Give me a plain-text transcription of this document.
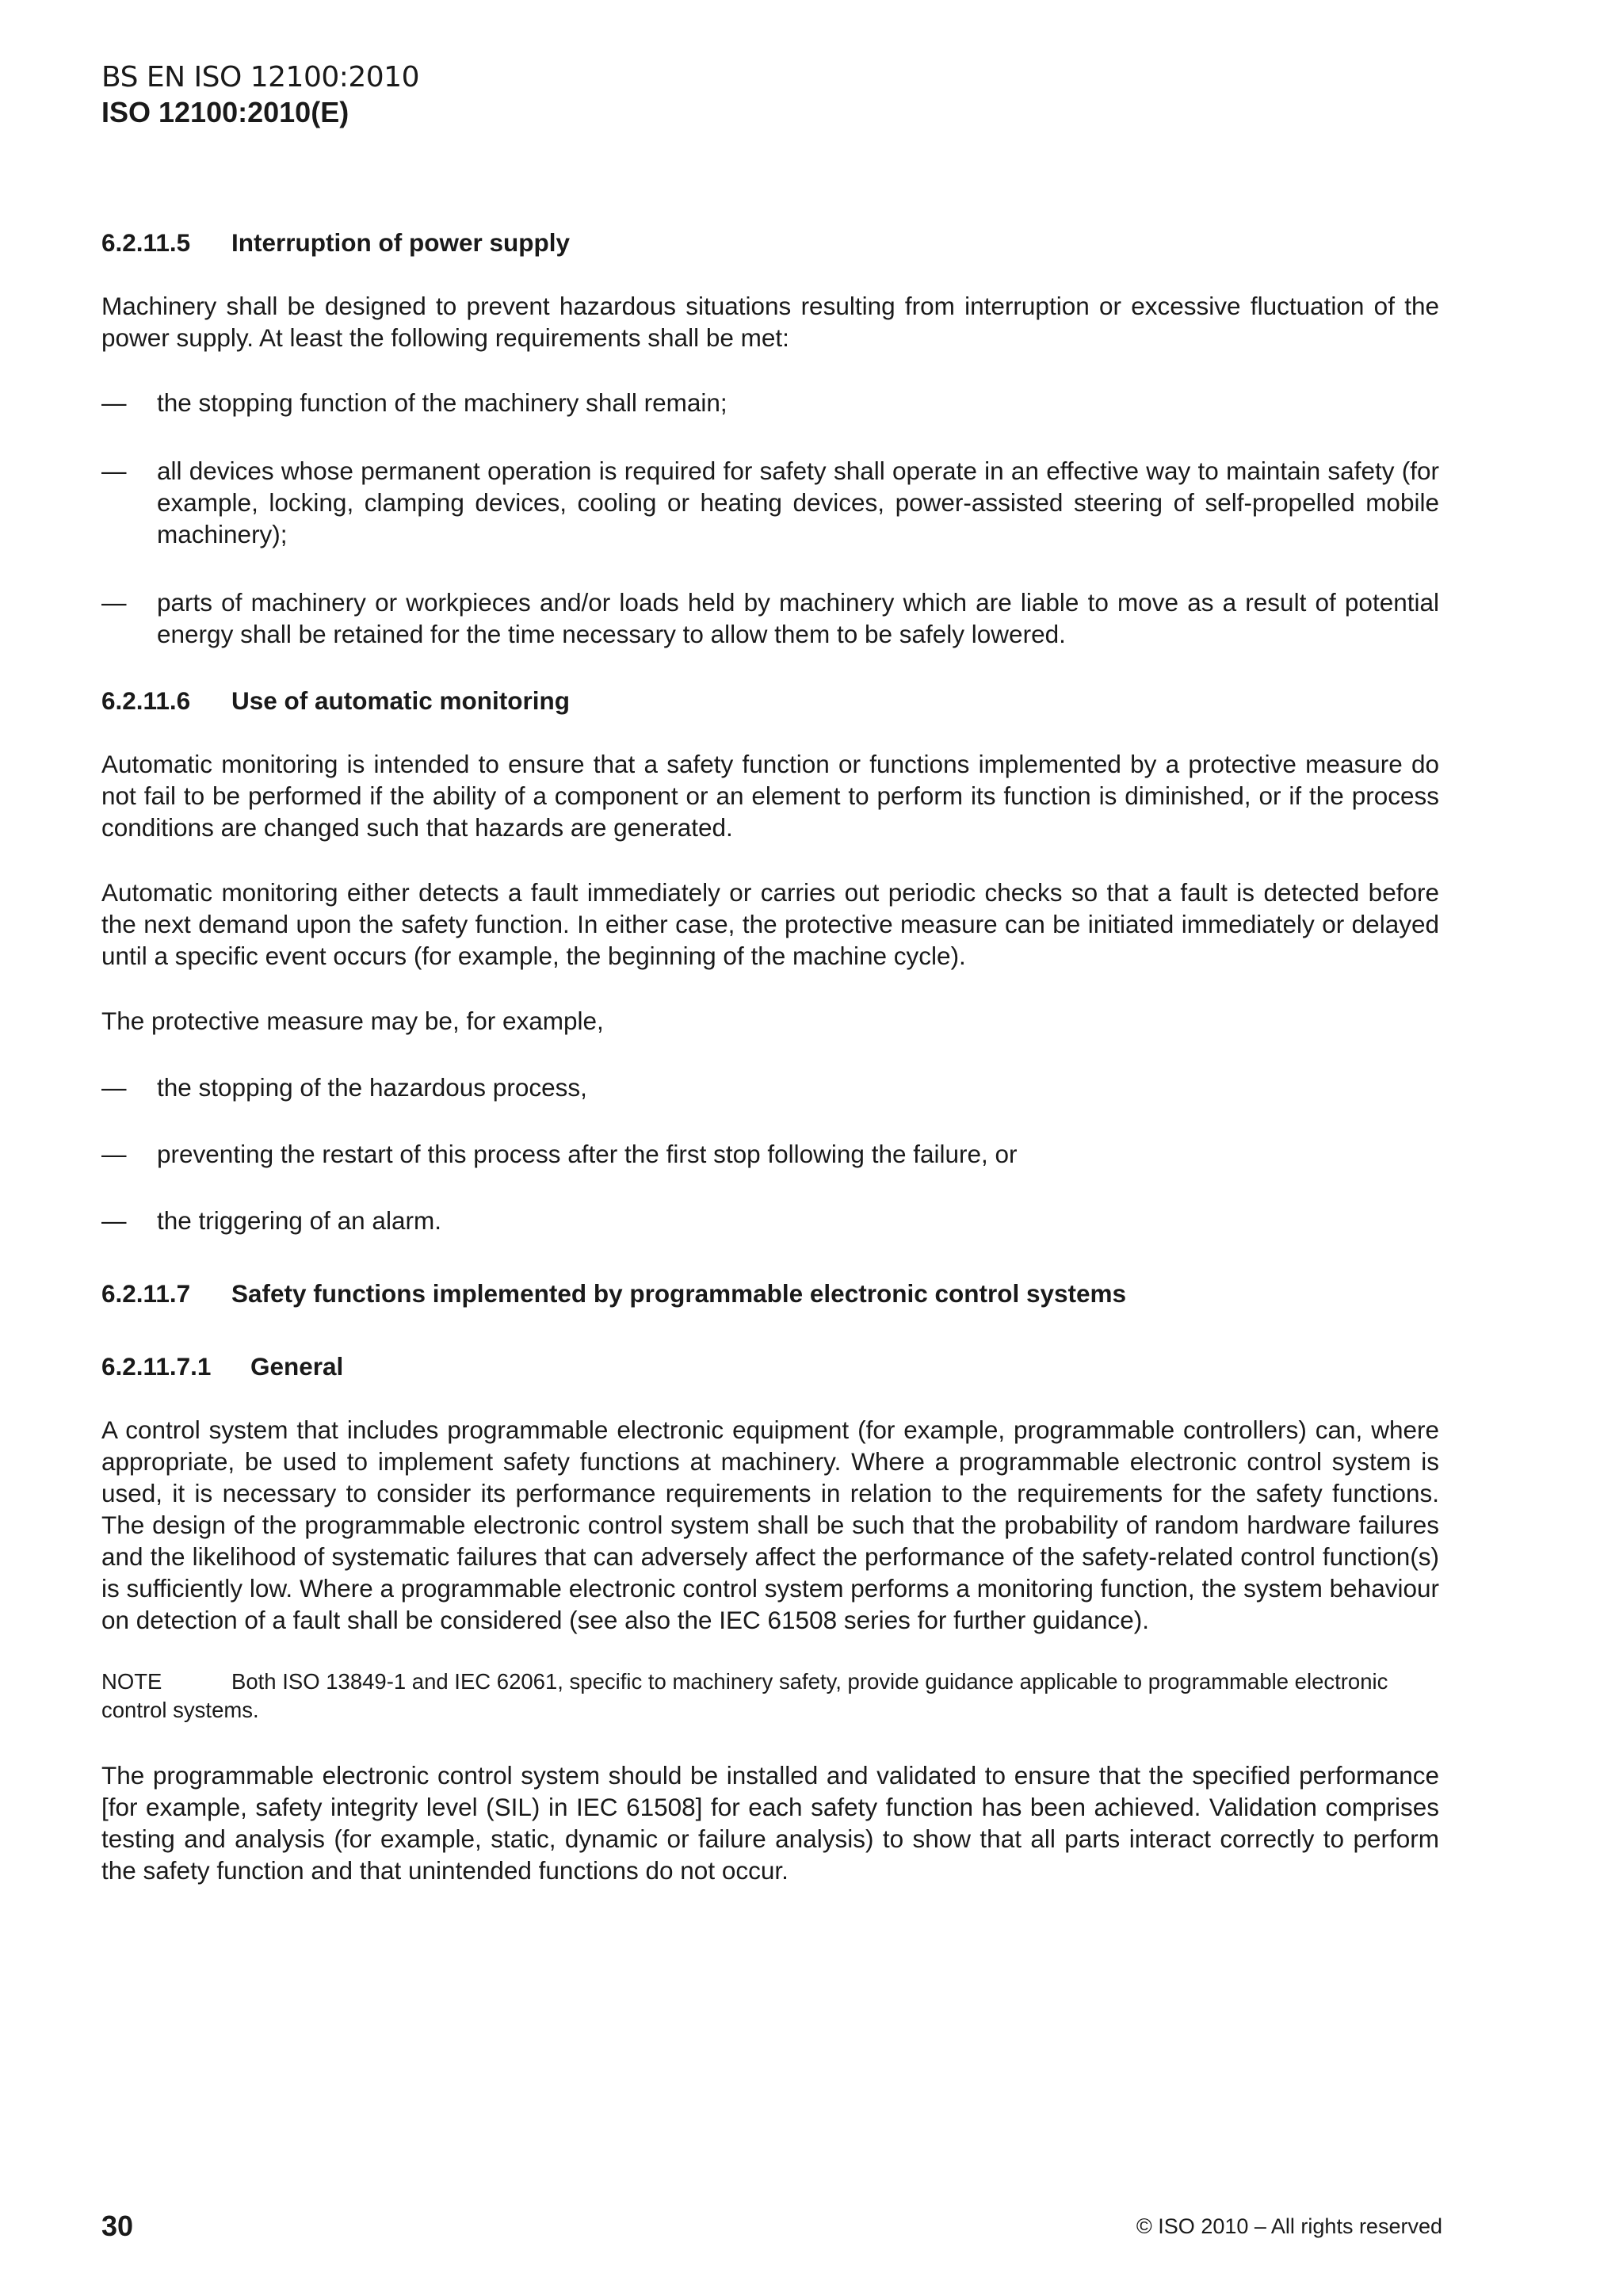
BS EN ISO 12100:2010
ISO 12100:2010(E)

6.2.11.5 Interruption of power supply

Machinery shall be designed to prevent hazardous situations resulting from interruption or excessive fluctuation of the power supply. At least the following requirements shall be met:

— the stopping function of the machinery shall remain;

— all devices whose permanent operation is required for safety shall operate in an effective way to maintain safety (for example, locking, clamping devices, cooling or heating devices, power-assisted steering of self-propelled mobile machinery);

— parts of machinery or workpieces and/or loads held by machinery which are liable to move as a result of potential energy shall be retained for the time necessary to allow them to be safely lowered.

6.2.11.6 Use of automatic monitoring

Automatic monitoring is intended to ensure that a safety function or functions implemented by a protective measure do not fail to be performed if the ability of a component or an element to perform its function is diminished, or if the process conditions are changed such that hazards are generated.

Automatic monitoring either detects a fault immediately or carries out periodic checks so that a fault is detected before the next demand upon the safety function. In either case, the protective measure can be initiated immediately or delayed until a specific event occurs (for example, the beginning of the machine cycle).

The protective measure may be, for example,

— the stopping of the hazardous process,

— preventing the restart of this process after the first stop following the failure, or

— the triggering of an alarm.

6.2.11.7 Safety functions implemented by programmable electronic control systems

6.2.11.7.1 General

A control system that includes programmable electronic equipment (for example, programmable controllers) can, where appropriate, be used to implement safety functions at machinery. Where a programmable electronic control system is used, it is necessary to consider its performance requirements in relation to the requirements for the safety functions. The design of the programmable electronic control system shall be such that the probability of random hardware failures and the likelihood of systematic failures that can adversely affect the performance of the safety-related control function(s) is sufficiently low. Where a programmable electronic control system performs a monitoring function, the system behaviour on detection of a fault shall be considered (see also the IEC 61508 series for further guidance).

NOTE	Both ISO 13849-1 and IEC 62061, specific to machinery safety, provide guidance applicable to programmable electronic control systems.

The programmable electronic control system should be installed and validated to ensure that the specified performance [for example, safety integrity level (SIL) in IEC 61508] for each safety function has been achieved. Validation comprises testing and analysis (for example, static, dynamic or failure analysis) to show that all parts interact correctly to perform the safety function and that unintended functions do not occur.

30	© ISO 2010 – All rights reserved
